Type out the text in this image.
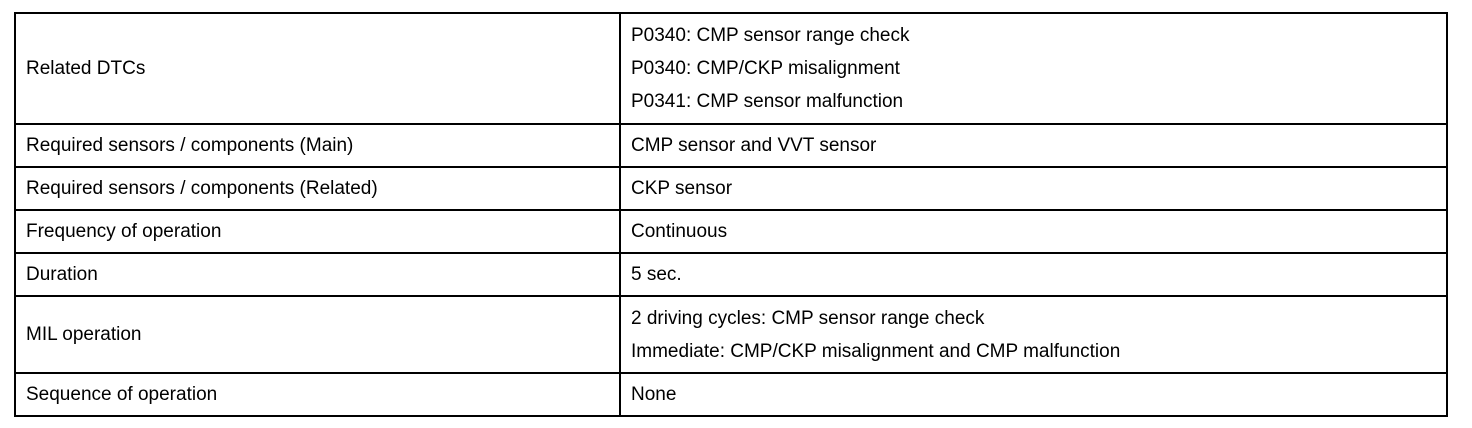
Related DTCs	P0340: CMP sensor range check
P0340: CMP/CKP misalignment
P0341: CMP sensor malfunction

Required sensors / components (Main)	CMP sensor and VVT sensor

Required sensors / components (Related)	CKP sensor

Frequency of operation	Continuous

Duration	5 sec.

MIL operation	2 driving cycles: CMP sensor range check
Immediate: CMP/CKP misalignment and CMP malfunction

Sequence of operation	None
